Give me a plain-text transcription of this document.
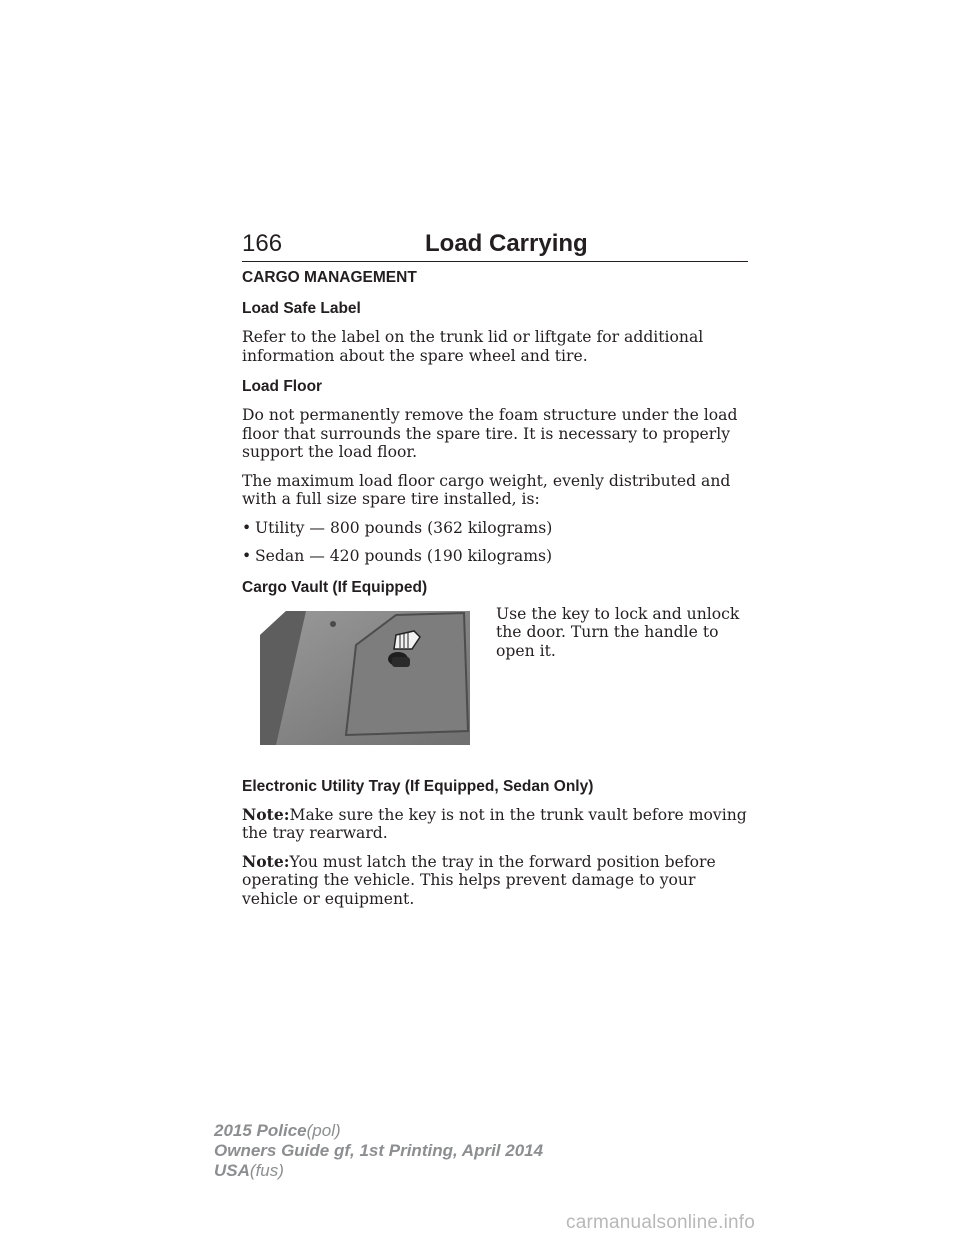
166	Load Carrying
CARGO MANAGEMENT
Load Safe Label

Refer to the label on the trunk lid or liftgate for additional information about the spare wheel and tire.

Load Floor

Do not permanently remove the foam structure under the load floor that surrounds the spare tire. It is necessary to properly support the load floor.

The maximum load floor cargo weight, evenly distributed and with a full size spare tire installed, is:

• Utility — 800 pounds (362 kilograms)
• Sedan — 420 pounds (190 kilograms)
Cargo Vault (If Equipped)

Use the key to lock and unlock the door. Turn the handle to open it.

Electronic Utility Tray (If Equipped, Sedan Only)

Note:Make sure the key is not in the trunk vault before moving the tray rearward.

Note:You must latch the tray in the forward position before operating the vehicle. This helps prevent damage to your vehicle or equipment.

2015 Police(pol)
Owners Guide gf, 1st Printing, April 2014
USA(fus)
carmanualsonline.info
